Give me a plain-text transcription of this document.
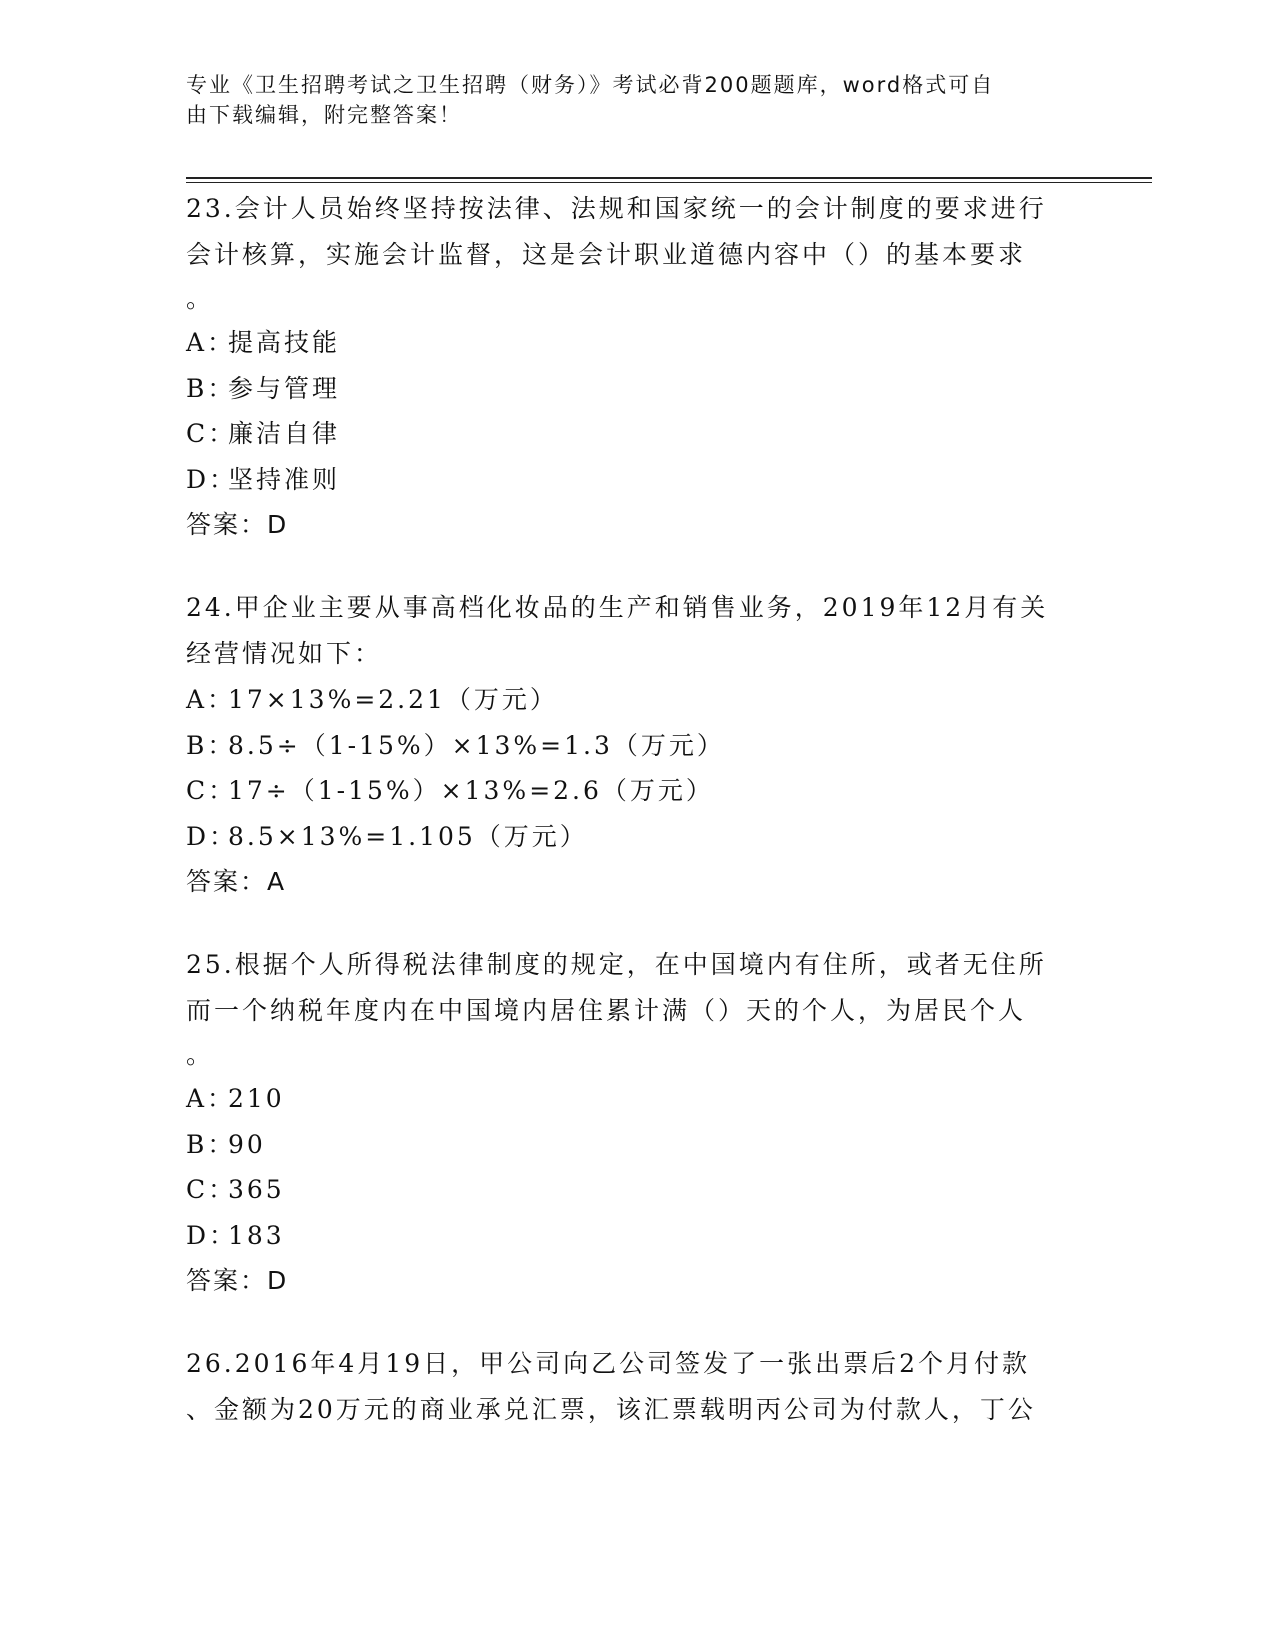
专业《卫生招聘考试之卫生招聘（财务）》考试必背200题题库，word格式可自
由下载编辑，附完整答案！
23.会计人员始终坚持按法律、法规和国家统一的会计制度的要求进行
会计核算，实施会计监督，这是会计职业道德内容中（）的基本要求
。
A：提高技能
B：参与管理
C：廉洁自律
D：坚持准则
答案：D
24.甲企业主要从事高档化妆品的生产和销售业务，2019年12月有关
经营情况如下：
A：17×13%=2.21（万元）
B：8.5÷（1-15%）×13%=1.3（万元）
C：17÷（1-15%）×13%=2.6（万元）
D：8.5×13%=1.105（万元）
答案：A
25.根据个人所得税法律制度的规定，在中国境内有住所，或者无住所
而一个纳税年度内在中国境内居住累计满（）天的个人，为居民个人
。
A：210
B：90
C：365
D：183
答案：D
26.2016年4月19日，甲公司向乙公司签发了一张出票后2个月付款
、金额为20万元的商业承兑汇票，该汇票载明丙公司为付款人，丁公
